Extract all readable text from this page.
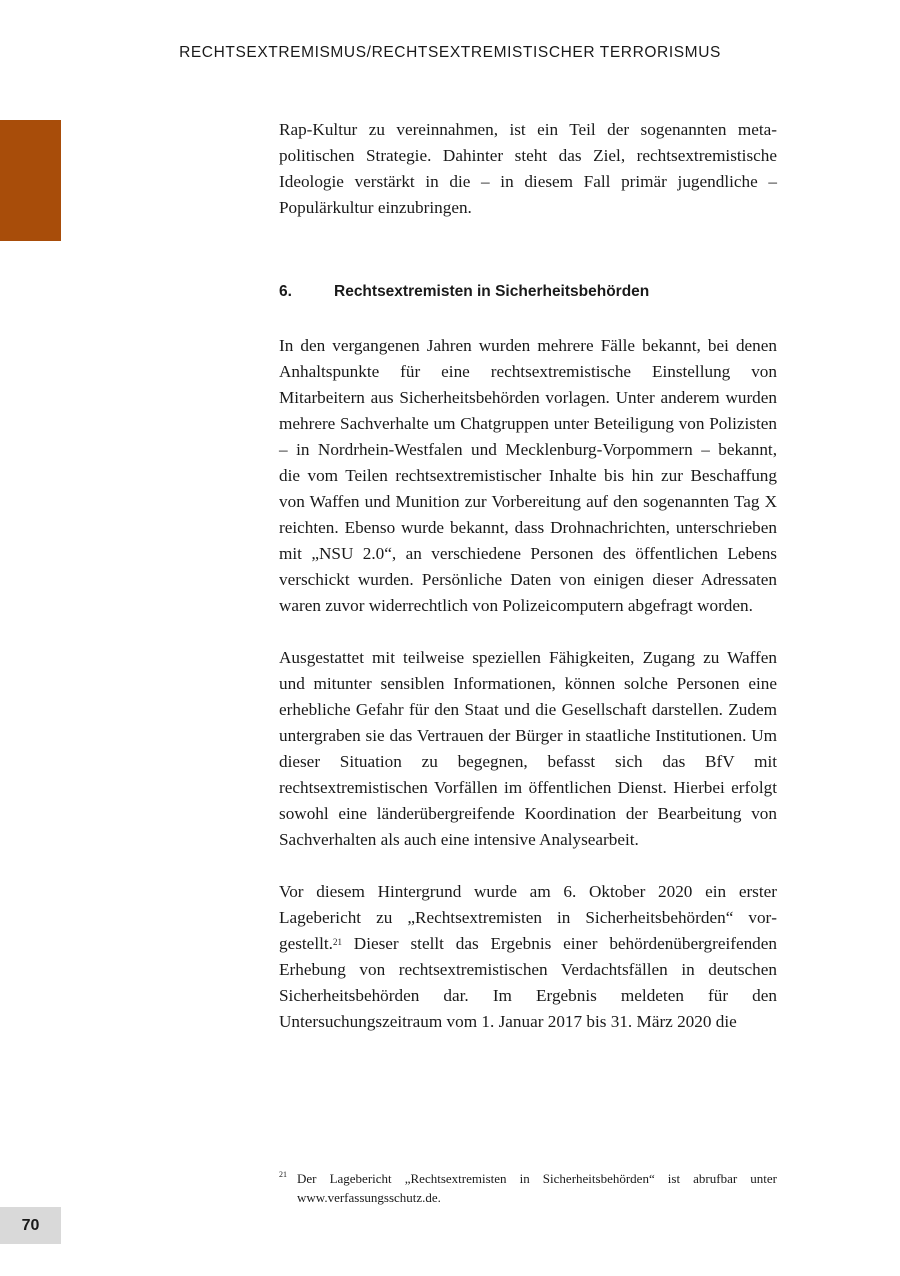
RECHTSEXTREMISMUS/RECHTSEXTREMISTISCHER TERRORISMUS

Rap-Kultur zu vereinnahmen, ist ein Teil der sogenannten metapolitischen Strategie. Dahinter steht das Ziel, rechtsextremistische Ideologie verstärkt in die – in diesem Fall primär jugendliche – Populärkultur einzubringen.

6.	Rechtsextremisten in Sicherheitsbehörden

In den vergangenen Jahren wurden mehrere Fälle bekannt, bei denen Anhaltspunkte für eine rechtsextremistische Einstellung von Mitarbeitern aus Sicherheitsbehörden vorlagen. Unter anderem wurden mehrere Sachverhalte um Chatgruppen unter Beteiligung von Polizisten – in Nordrhein-Westfalen und Mecklenburg-Vorpommern – bekannt, die vom Teilen rechtsextremistischer Inhalte bis hin zur Beschaffung von Waffen und Munition zur Vorbereitung auf den sogenannten Tag X reichten. Ebenso wurde bekannt, dass Drohnachrichten, unterschrieben mit „NSU 2.0“, an verschiedene Personen des öffentlichen Lebens verschickt wurden. Persönliche Daten von einigen dieser Adressaten waren zuvor widerrechtlich von Polizeicomputern abgefragt worden.

Ausgestattet mit teilweise speziellen Fähigkeiten, Zugang zu Waffen und mitunter sensiblen Informationen, können solche Personen eine erhebliche Gefahr für den Staat und die Gesellschaft darstellen. Zudem untergraben sie das Vertrauen der Bürger in staatliche Institutionen. Um dieser Situation zu begegnen, befasst sich das BfV mit rechtsextremistischen Vorfällen im öffentlichen Dienst. Hierbei erfolgt sowohl eine länderübergreifende Koordination der Bearbeitung von Sachverhalten als auch eine intensive Analysearbeit.

Vor diesem Hintergrund wurde am 6. Oktober 2020 ein erster Lagebericht zu „Rechtsextremisten in Sicherheitsbehörden“ vorgestellt.$^{21}$ Dieser stellt das Ergebnis einer behördenübergreifenden Erhebung von rechtsextremistischen Verdachtsfällen in deutschen Sicherheitsbehörden dar. Im Ergebnis meldeten für den Untersuchungszeitraum vom 1. Januar 2017 bis 31. März 2020 die

21 Der Lagebericht „Rechtsextremisten in Sicherheitsbehörden“ ist abrufbar unter www.verfassungsschutz.de.
70
